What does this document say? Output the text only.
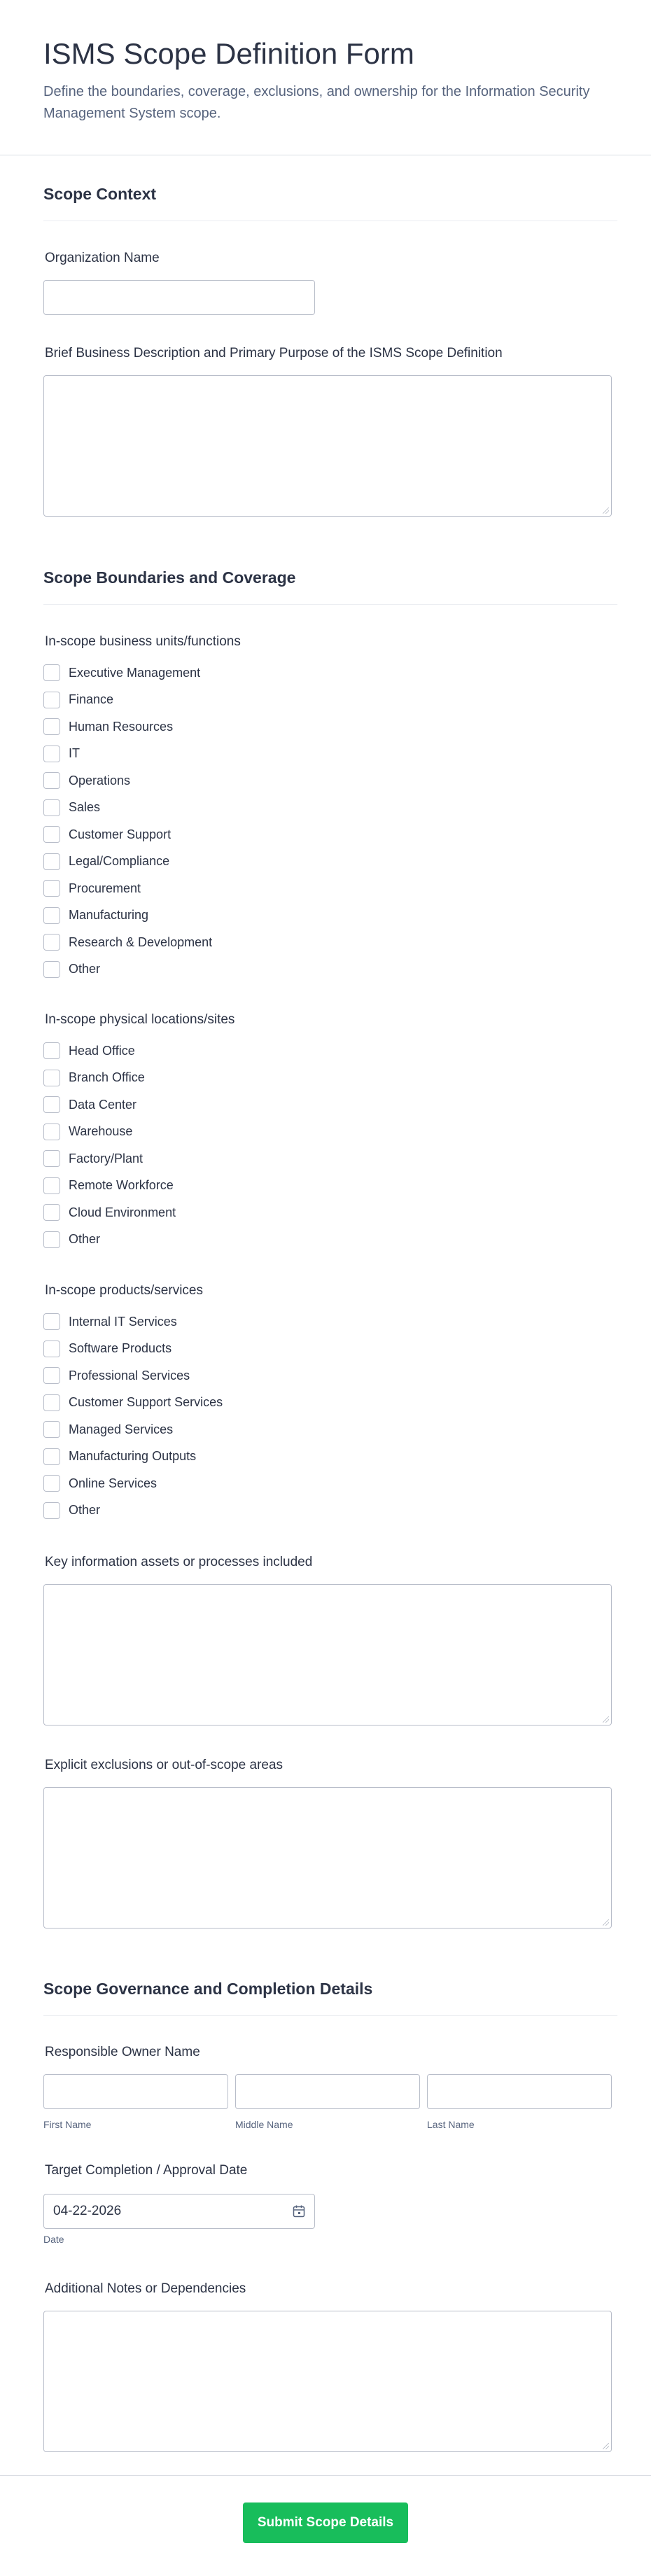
ISMS Scope Definition Form

Define the boundaries, coverage, exclusions, and ownership for the Information Security Management System scope.

Scope Context
Organization Name
Brief Business Description and Primary Purpose of the ISMS Scope Definition
Scope Boundaries and Coverage
In-scope business units/functions
Executive Management
Finance
Human Resources
IT
Operations
Sales
Customer Support
Legal/Compliance
Procurement
Manufacturing
Research & Development
Other
In-scope physical locations/sites
Head Office
Branch Office
Data Center
Warehouse
Factory/Plant
Remote Workforce
Cloud Environment
Other
In-scope products/services
Internal IT Services
Software Products
Professional Services
Customer Support Services
Managed Services
Manufacturing Outputs
Online Services
Other
Key information assets or processes included
Explicit exclusions or out-of-scope areas
Scope Governance and Completion Details
Responsible Owner Name
First Name	Middle Name	Last Name
Target Completion / Approval Date
04-22-2026
Date
Additional Notes or Dependencies
Submit Scope Details
